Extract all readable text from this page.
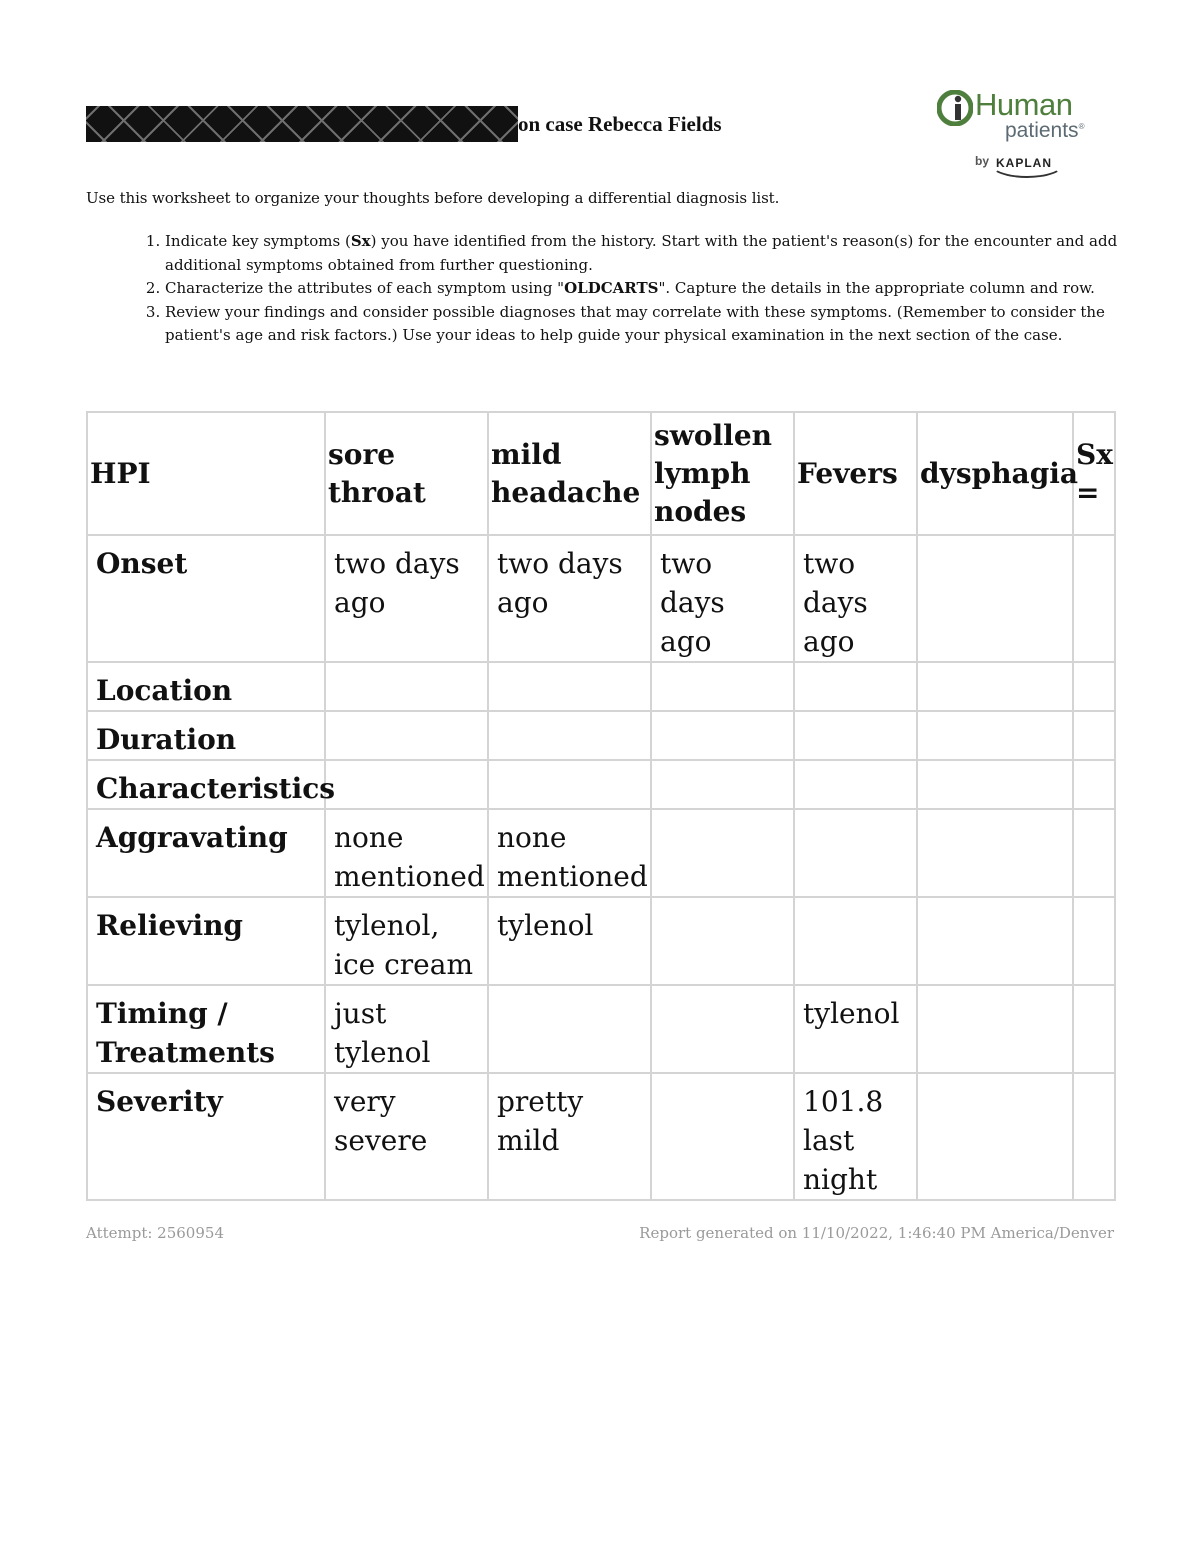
on case Rebecca Fields
Human
patients®
by KAPLAN
Use this worksheet to organize your thoughts before developing a differential diagnosis list.
1. Indicate key symptoms (Sx) you have identified from the history. Start with the patient's reason(s) for the encounter and add additional symptoms obtained from further questioning.
2. Characterize the attributes of each symptom using "OLDCARTS". Capture the details in the appropriate column and row.
3. Review your findings and consider possible diagnoses that may correlate with these symptoms. (Remember to consider the patient's age and risk factors.) Use your ideas to help guide your physical examination in the next section of the case.
HPI	sore throat	mild headache	swollen lymph nodes	Fevers	dysphagia	Sx =
Onset	two days ago	two days ago	two days ago	two days ago		
Location						
Duration						
Characteristics						
Aggravating	none mentioned	none mentioned				
Relieving	tylenol, ice cream	tylenol				
Timing / Treatments	just tylenol			tylenol		
Severity	very severe	pretty mild		101.8 last night		
Attempt: 2560954	Report generated on 11/10/2022, 1:46:40 PM America/Denver
